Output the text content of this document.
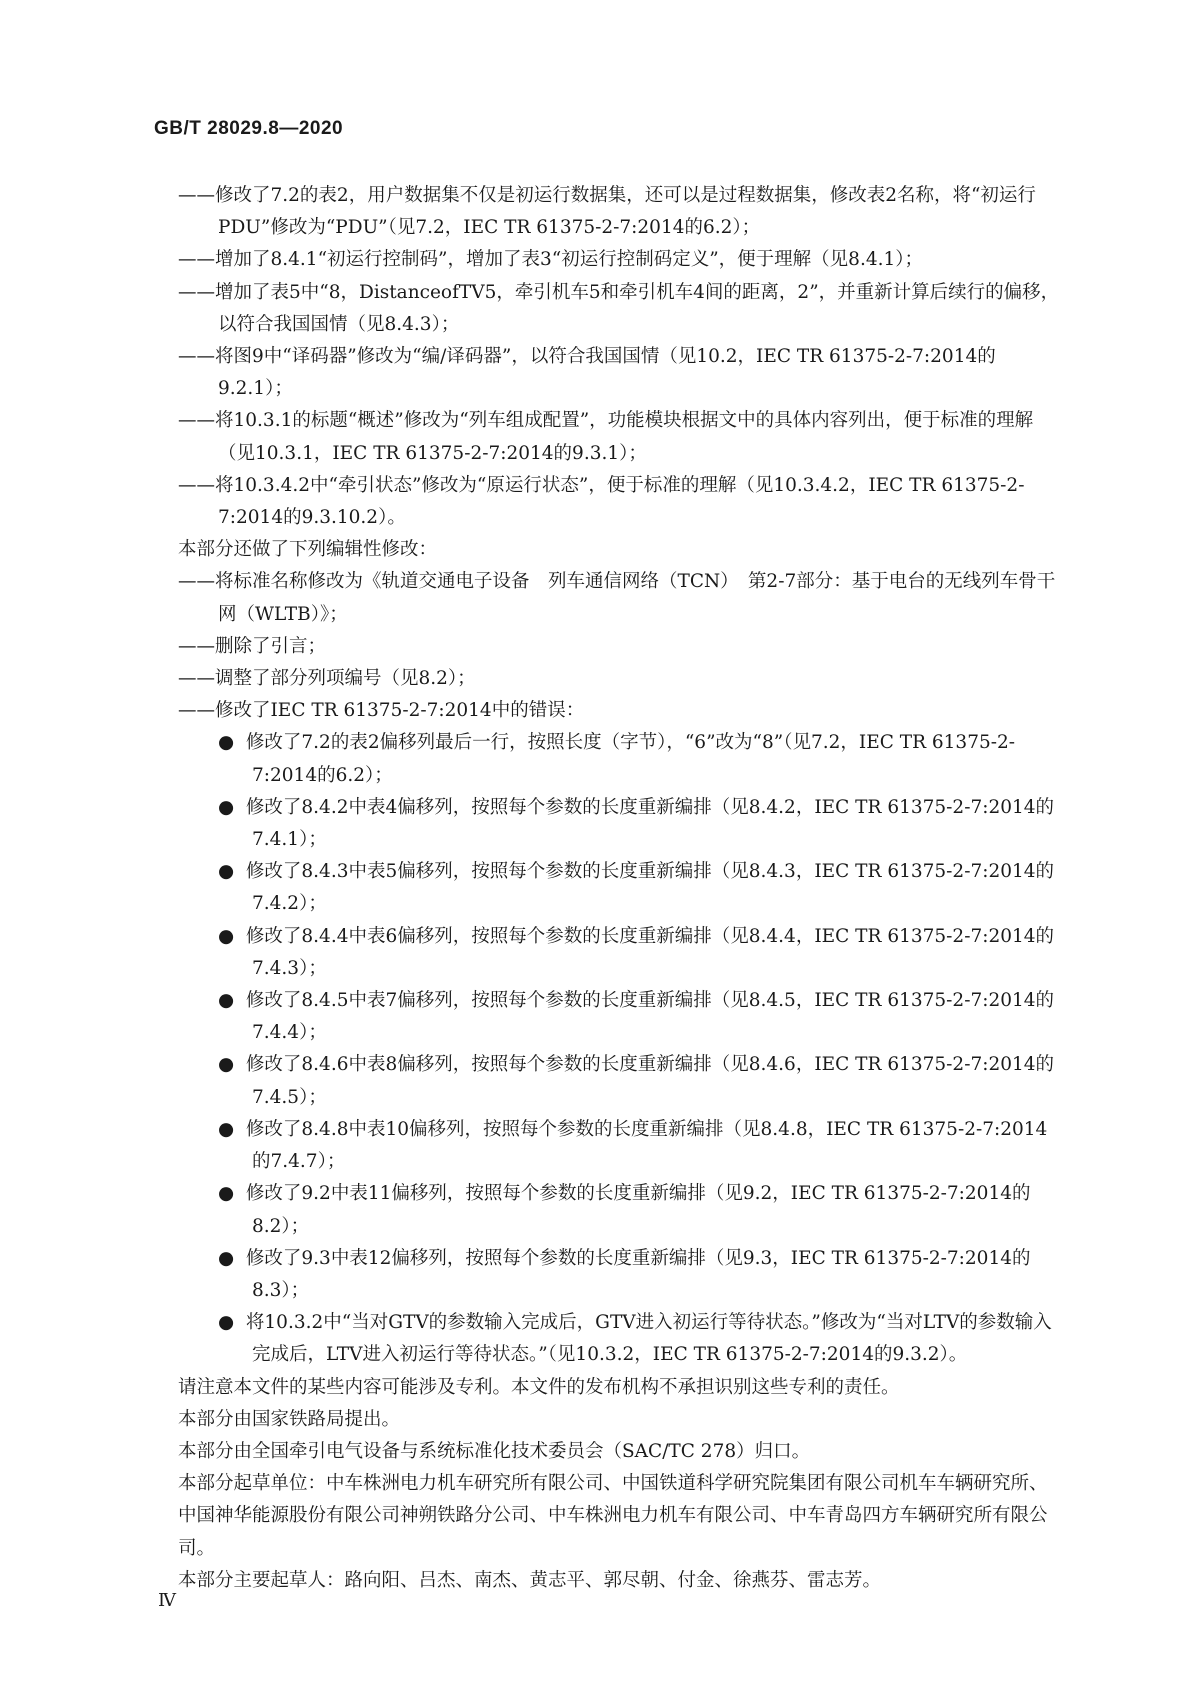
GB/T 28029.8—2020
——修改了7.2的表2，用户数据集不仅是初运行数据集，还可以是过程数据集，修改表2名称，将“初运行PDU”修改为“PDU”（见7.2，IEC TR 61375-2-7:2014的6.2）；
——增加了8.4.1“初运行控制码”，增加了表3“初运行控制码定义”，便于理解（见8.4.1）；
——增加了表5中“8，DistanceofTV5，牵引机车5和牵引机车4间的距离，2”，并重新计算后续行的偏移，以符合我国国情（见8.4.3）；
——将图9中“译码器”修改为“编/译码器”，以符合我国国情（见10.2，IEC TR 61375-2-7:2014的9.2.1）；
——将10.3.1的标题“概述”修改为“列车组成配置”，功能模块根据文中的具体内容列出，便于标准的理解（见10.3.1，IEC TR 61375-2-7:2014的9.3.1）；
——将10.3.4.2中“牵引状态”修改为“原运行状态”，便于标准的理解（见10.3.4.2，IEC TR 61375-2-7:2014的9.3.10.2）。
本部分还做了下列编辑性修改：
——将标准名称修改为《轨道交通电子设备　列车通信网络（TCN）　第2-7部分：基于电台的无线列车骨干网（WLTB）》；
——删除了引言；
——调整了部分列项编号（见8.2）；
——修改了IEC TR 61375-2-7:2014中的错误：
●  修改了7.2的表2偏移列最后一行，按照长度（字节），“6”改为“8”（见7.2，IEC TR 61375-2-7:2014的6.2）；
●  修改了8.4.2中表4偏移列，按照每个参数的长度重新编排（见8.4.2，IEC TR 61375-2-7:2014的7.4.1）；
●  修改了8.4.3中表5偏移列，按照每个参数的长度重新编排（见8.4.3，IEC TR 61375-2-7:2014的7.4.2）；
●  修改了8.4.4中表6偏移列，按照每个参数的长度重新编排（见8.4.4，IEC TR 61375-2-7:2014的7.4.3）；
●  修改了8.4.5中表7偏移列，按照每个参数的长度重新编排（见8.4.5，IEC TR 61375-2-7:2014的7.4.4）；
●  修改了8.4.6中表8偏移列，按照每个参数的长度重新编排（见8.4.6，IEC TR 61375-2-7:2014的7.4.5）；
●  修改了8.4.8中表10偏移列，按照每个参数的长度重新编排（见8.4.8，IEC TR 61375-2-7:2014的7.4.7）；
●  修改了9.2中表11偏移列，按照每个参数的长度重新编排（见9.2，IEC TR 61375-2-7:2014的8.2）；
●  修改了9.3中表12偏移列，按照每个参数的长度重新编排（见9.3，IEC TR 61375-2-7:2014的8.3）；
●  将10.3.2中“当对GTV的参数输入完成后，GTV进入初运行等待状态。”修改为“当对LTV的参数输入完成后，LTV进入初运行等待状态。”（见10.3.2，IEC TR 61375-2-7:2014的9.3.2）。
请注意本文件的某些内容可能涉及专利。本文件的发布机构不承担识别这些专利的责任。
本部分由国家铁路局提出。
本部分由全国牵引电气设备与系统标准化技术委员会（SAC/TC 278）归口。
本部分起草单位：中车株洲电力机车研究所有限公司、中国铁道科学研究院集团有限公司机车车辆研究所、中国神华能源股份有限公司神朔铁路分公司、中车株洲电力机车有限公司、中车青岛四方车辆研究所有限公司。
本部分主要起草人：路向阳、吕杰、南杰、黄志平、郭尽朝、付金、徐燕芬、雷志芳。
Ⅳ
